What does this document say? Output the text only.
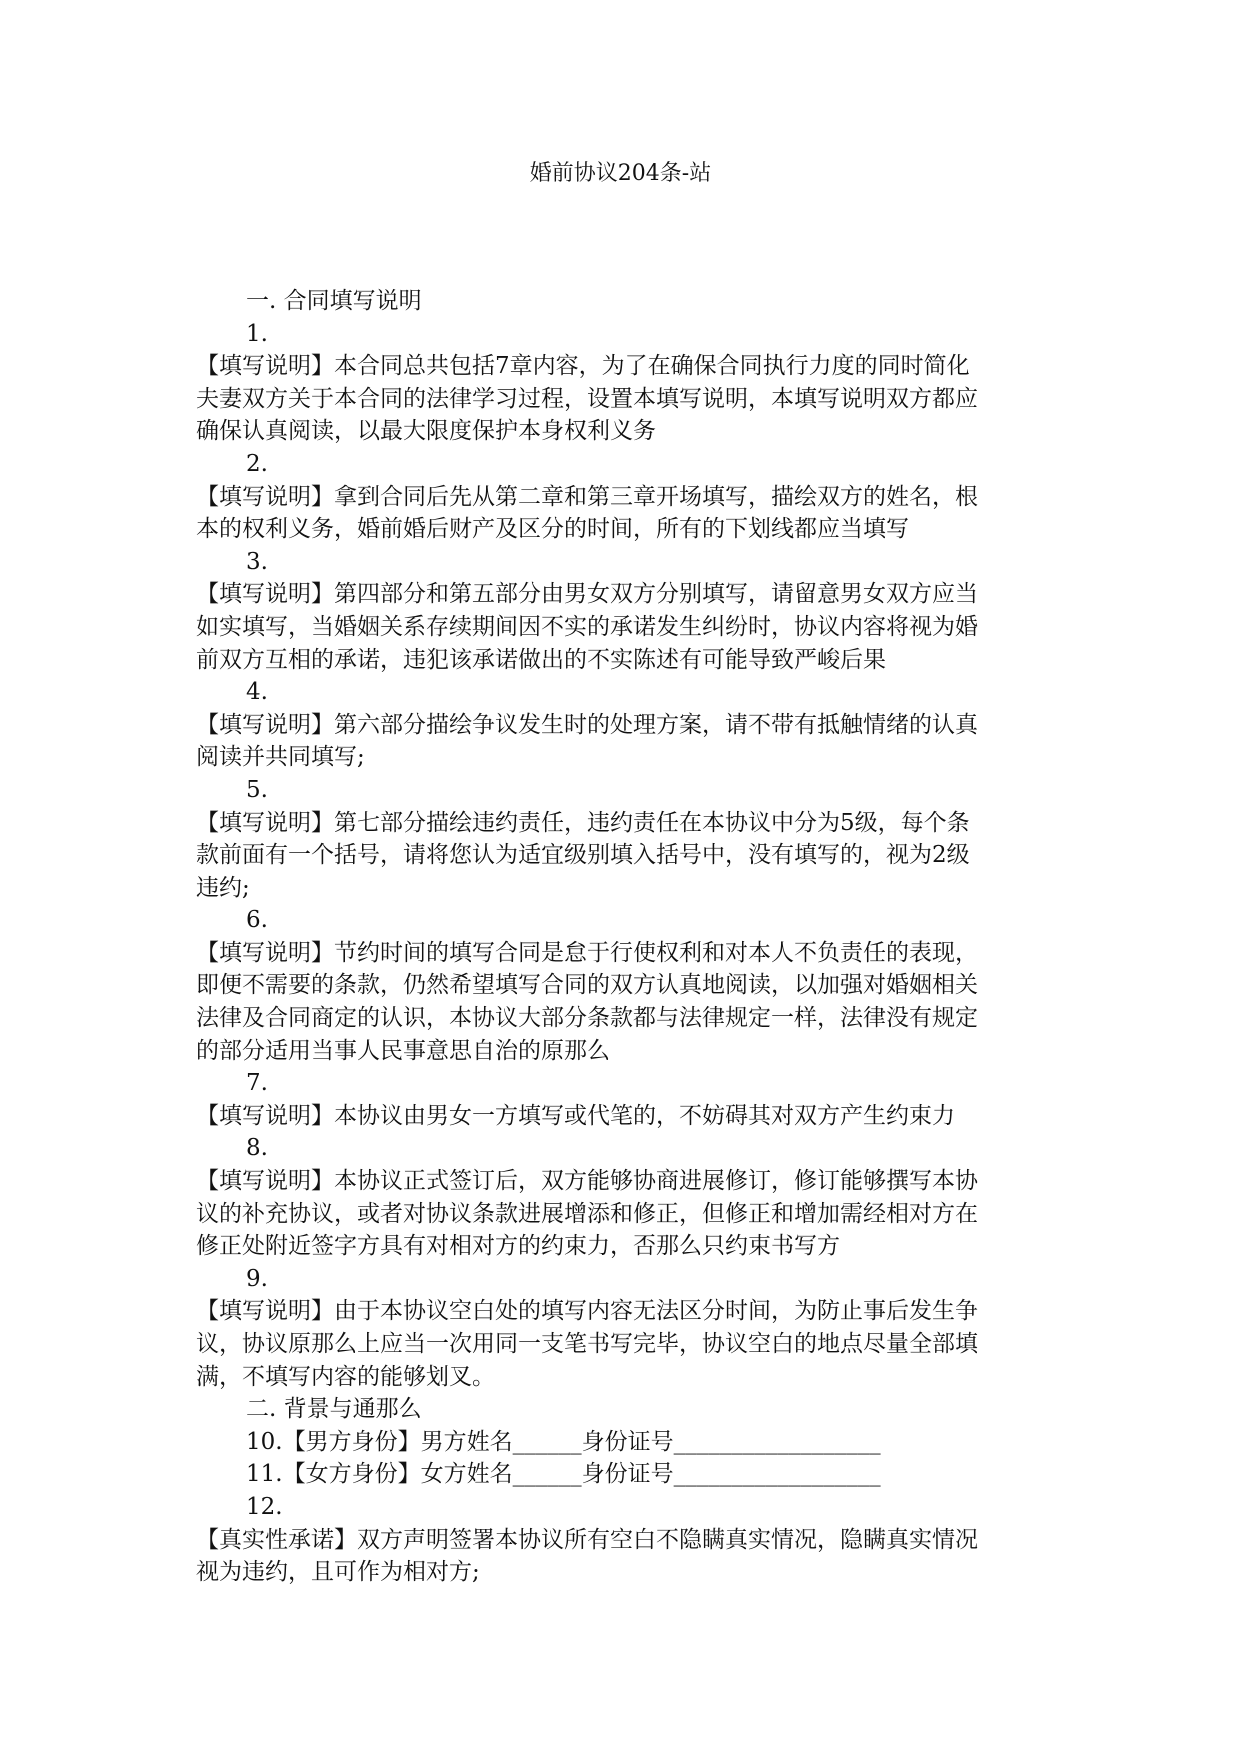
婚前协议204条-站

一. 合同填写说明

1.

【填写说明】本合同总共包括7章内容，为了在确保合同执行力度的同时简化

夫妻双方关于本合同的法律学习过程，设置本填写说明，本填写说明双方都应

确保认真阅读，以最大限度保护本身权利义务

2.

【填写说明】拿到合同后先从第二章和第三章开场填写，描绘双方的姓名，根

本的权利义务，婚前婚后财产及区分的时间，所有的下划线都应当填写

3.

【填写说明】第四部分和第五部分由男女双方分别填写，请留意男女双方应当

如实填写，当婚姻关系存续期间因不实的承诺发生纠纷时，协议内容将视为婚

前双方互相的承诺，违犯该承诺做出的不实陈述有可能导致严峻后果

4.

【填写说明】第六部分描绘争议发生时的处理方案，请不带有抵触情绪的认真

阅读并共同填写;

5.

【填写说明】第七部分描绘违约责任，违约责任在本协议中分为5级，每个条

款前面有一个括号，请将您认为适宜级别填入括号中，没有填写的，视为2级

违约;

6.

【填写说明】节约时间的填写合同是怠于行使权利和对本人不负责任的表现，

即便不需要的条款，仍然希望填写合同的双方认真地阅读，以加强对婚姻相关

法律及合同商定的认识，本协议大部分条款都与法律规定一样，法律没有规定

的部分适用当事人民事意思自治的原那么

7.

【填写说明】本协议由男女一方填写或代笔的，不妨碍其对双方产生约束力

8.

【填写说明】本协议正式签订后，双方能够协商进展修订，修订能够撰写本协

议的补充协议，或者对协议条款进展增添和修正，但修正和增加需经相对方在

修正处附近签字方具有对相对方的约束力，否那么只约束书写方

9.

【填写说明】由于本协议空白处的填写内容无法区分时间，为防止事后发生争

议，协议原那么上应当一次用同一支笔书写完毕，协议空白的地点尽量全部填

满，不填写内容的能够划叉。

二. 背景与通那么

10.【男方身份】男方姓名______身份证号__________________

11.【女方身份】女方姓名______身份证号__________________

12.

【真实性承诺】双方声明签署本协议所有空白不隐瞒真实情况，隐瞒真实情况

视为违约，且可作为相对方;
